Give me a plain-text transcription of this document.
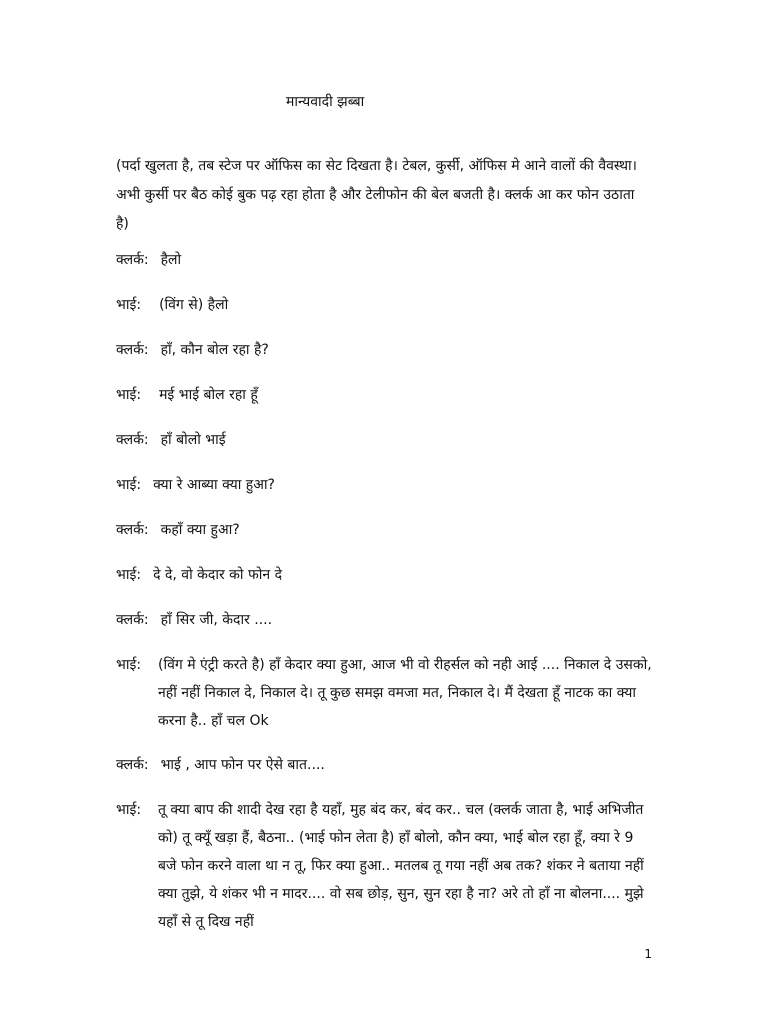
मान्यवादी झब्बा
(पर्दा खुलता है, तब स्टेज पर ऑफिस का सेट दिखता है। टेबल, कुर्सी, ऑफिस मे आने वालों की वैवस्था। अभी कुर्सी पर बैठ कोई बुक पढ़ रहा होता है और टेलीफोन की बेल बजती है। क्लर्क आ कर फोन उठाता है)
क्लर्क: हैलो
भाई: (विंग से) हैलो
क्लर्क: हाँ, कौन बोल रहा है?
भाई: मई भाई बोल रहा हूँ
क्लर्क: हाँ बोलो भाई
भाई: क्या रे आब्या क्या हुआ?
क्लर्क: कहाँ क्या हुआ?
भाई: दे दे, वो केदार को फोन दे
क्लर्क: हाँ सिर जी, केदार ....
भाई:	(विंग मे एंट्री करते है) हाँ केदार क्या हुआ, आज भी वो रीहर्सल को नही आई .... निकाल दे उसको, नहीं नहीं निकाल दे, निकाल दे। तू कुछ समझ वमजा मत, निकाल दे। मैं देखता हूँ नाटक का क्या करना है.. हाँ चल Ok
क्लर्क: भाई , आप फोन पर ऐसे बात....
भाई:	तू क्या बाप की शादी देख रहा है यहाँ, मुह बंद कर, बंद कर.. चल (क्लर्क जाता है, भाई अभिजीत को) तू क्यूँ खड़ा हैं, बैठना.. (भाई फोन लेता है) हाँ बोलो, कौन क्या, भाई बोल रहा हूँ, क्या रे 9 बजे फोन करने वाला था न तू, फिर क्या हुआ.. मतलब तू गया नहीं अब तक? शंकर ने बताया नहीं क्या तुझे, ये शंकर भी न मादर.... वो सब छोड़, सुन, सुन रहा है ना? अरे तो हाँ ना बोलना.... मुझे यहाँ से तू दिख नहीं
1
